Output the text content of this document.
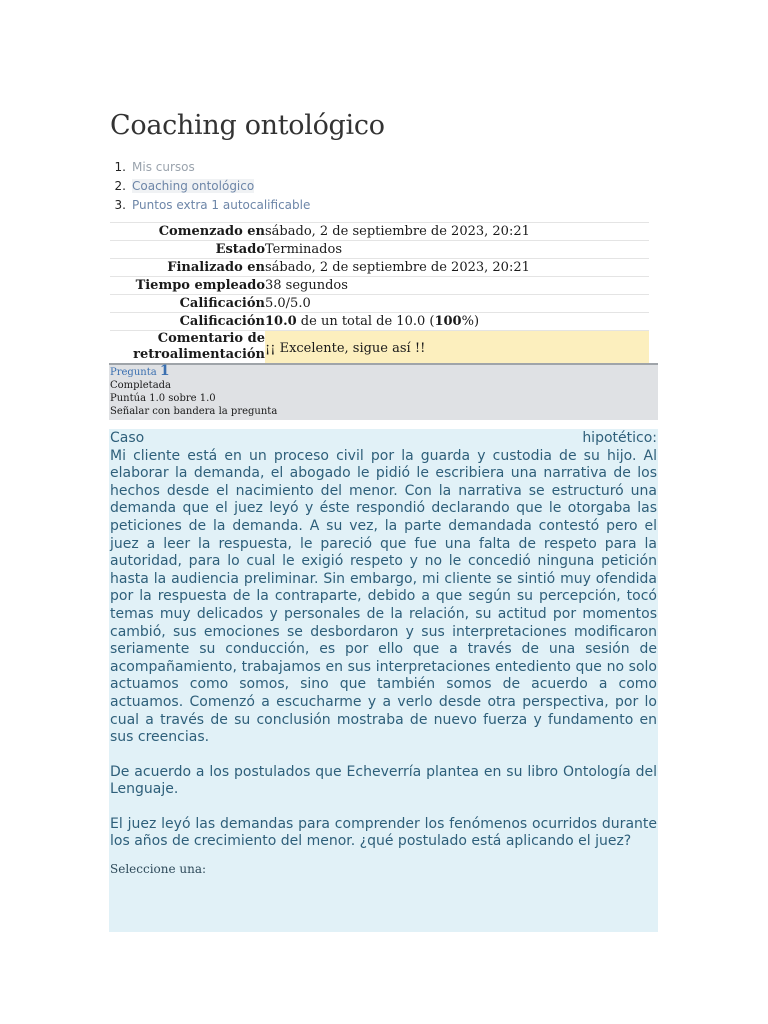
Coaching ontológico
1. Mis cursos
2. Coaching ontológico
3. Puntos extra 1 autocalificable
Comenzado en	sábado, 2 de septiembre de 2023, 20:21
Estado	Terminados
Finalizado en	sábado, 2 de septiembre de 2023, 20:21
Tiempo empleado	38 segundos
Calificación	5.0/5.0
Calificación	10.0 de un total de 10.0 (100%)
Comentario de retroalimentación	¡¡ Excelente, sigue así !!
Pregunta 1
Completada
Puntúa 1.0 sobre 1.0
Señalar con bandera la pregunta

Caso	hipotético:

Mi cliente está en un proceso civil por la guarda y custodia de su hijo. Al elaborar la demanda, el abogado le pidió le escribiera una narrativa de los hechos desde el nacimiento del menor. Con la narrativa se estructuró una demanda que el juez leyó y éste respondió declarando que le otorgaba las peticiones de la demanda. A su vez, la parte demandada contestó pero el juez a leer la respuesta, le pareció que fue una falta de respeto para la autoridad, para lo cual le exigió respeto y no le concedió ninguna petición hasta la audiencia preliminar. Sin embargo, mi cliente se sintió muy ofendida por la respuesta de la contraparte, debido a que según su percepción, tocó temas muy delicados y personales de la relación, su actitud por momentos cambió, sus emociones se desbordaron y sus interpretaciones modificaron seriamente su conducción, es por ello que a través de una sesión de acompañamiento, trabajamos en sus interpretaciones entediento que no solo actuamos como somos, sino que también somos de acuerdo a como actuamos. Comenzó a escucharme y a verlo desde otra perspectiva, por lo cual a través de su conclusión mostraba de nuevo fuerza y fundamento en sus creencias.

De acuerdo a los postulados que Echeverría plantea en su libro Ontología del Lenguaje.

El juez leyó las demandas para comprender los fenómenos ocurridos durante los años de crecimiento del menor. ¿qué postulado está aplicando el juez?

Seleccione una:
